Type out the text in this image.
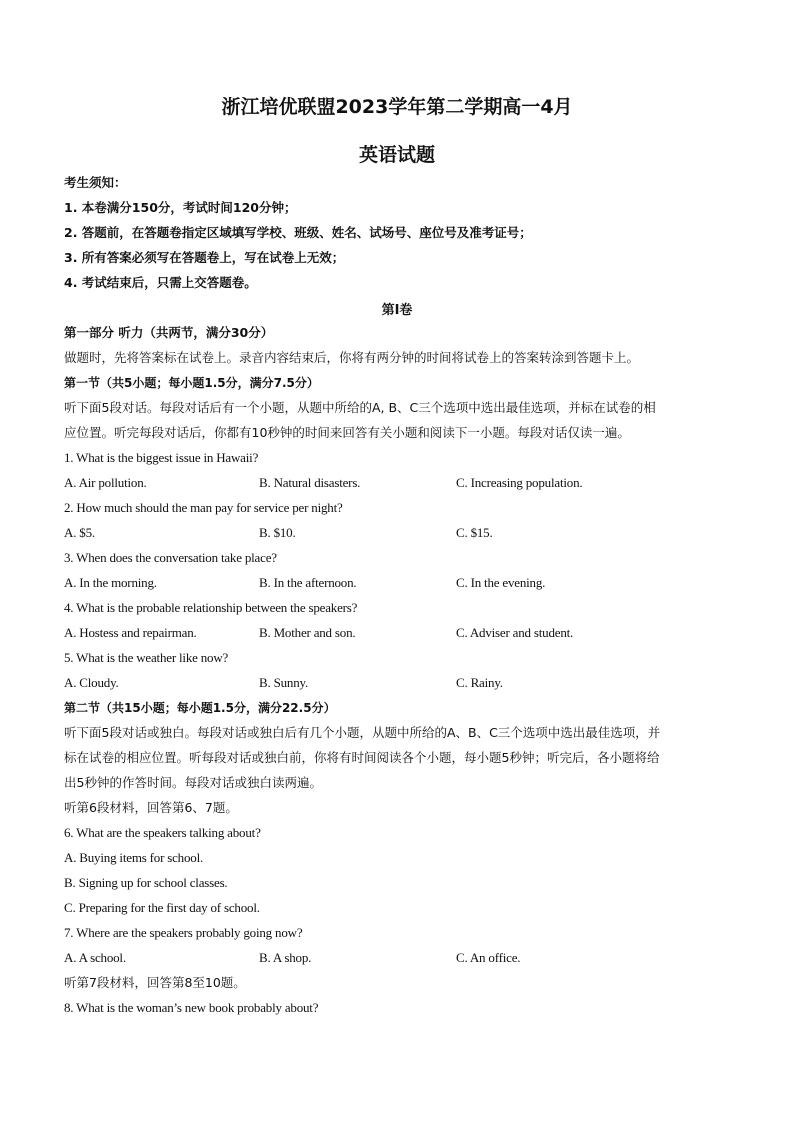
浙江培优联盟2023学年第二学期高一4月
英语试题
考生须知：
1. 本卷满分150分，考试时间120分钟；
2. 答题前，在答题卷指定区域填写学校、班级、姓名、试场号、座位号及准考证号；
3. 所有答案必须写在答题卷上，写在试卷上无效；
4. 考试结束后，只需上交答题卷。
第Ⅰ卷
第一部分 听力（共两节，满分30分）
做题时，先将答案标在试卷上。录音内容结束后，你将有两分钟的时间将试卷上的答案转涂到答题卡上。
第一节（共5小题；每小题1.5分，满分7.5分）
听下面5段对话。每段对话后有一个小题，从题中所给的A, B、C三个选项中选出最佳选项，并标在试卷的相
应位置。听完每段对话后，你都有10秒钟的时间来回答有关小题和阅读下一小题。每段对话仅读一遍。
1. What is the biggest issue in Hawaii?
A. Air pollution.	B. Natural disasters.	C. Increasing population.
2. How much should the man pay for service per night?
A. $5.	B. $10.	C. $15.
3. When does the conversation take place?
A. In the morning.	B. In the afternoon.	C. In the evening.
4. What is the probable relationship between the speakers?
A. Hostess and repairman.	B. Mother and son.	C. Adviser and student.
5. What is the weather like now?
A. Cloudy.	B. Sunny.	C. Rainy.
第二节（共15小题；每小题1.5分，满分22.5分）
听下面5段对话或独白。每段对话或独白后有几个小题，从题中所给的A、B、C三个选项中选出最佳选项，并
标在试卷的相应位置。听每段对话或独白前，你将有时间阅读各个小题，每小题5秒钟；听完后，各小题将给
出5秒钟的作答时间。每段对话或独白读两遍。
听第6段材料，回答第6、7题。
6. What are the speakers talking about?
A. Buying items for school.
B. Signing up for school classes.
C. Preparing for the first day of school.
7. Where are the speakers probably going now?
A. A school.	B. A shop.	C. An office.
听第7段材料，回答第8至10题。
8. What is the woman’s new book probably about?
